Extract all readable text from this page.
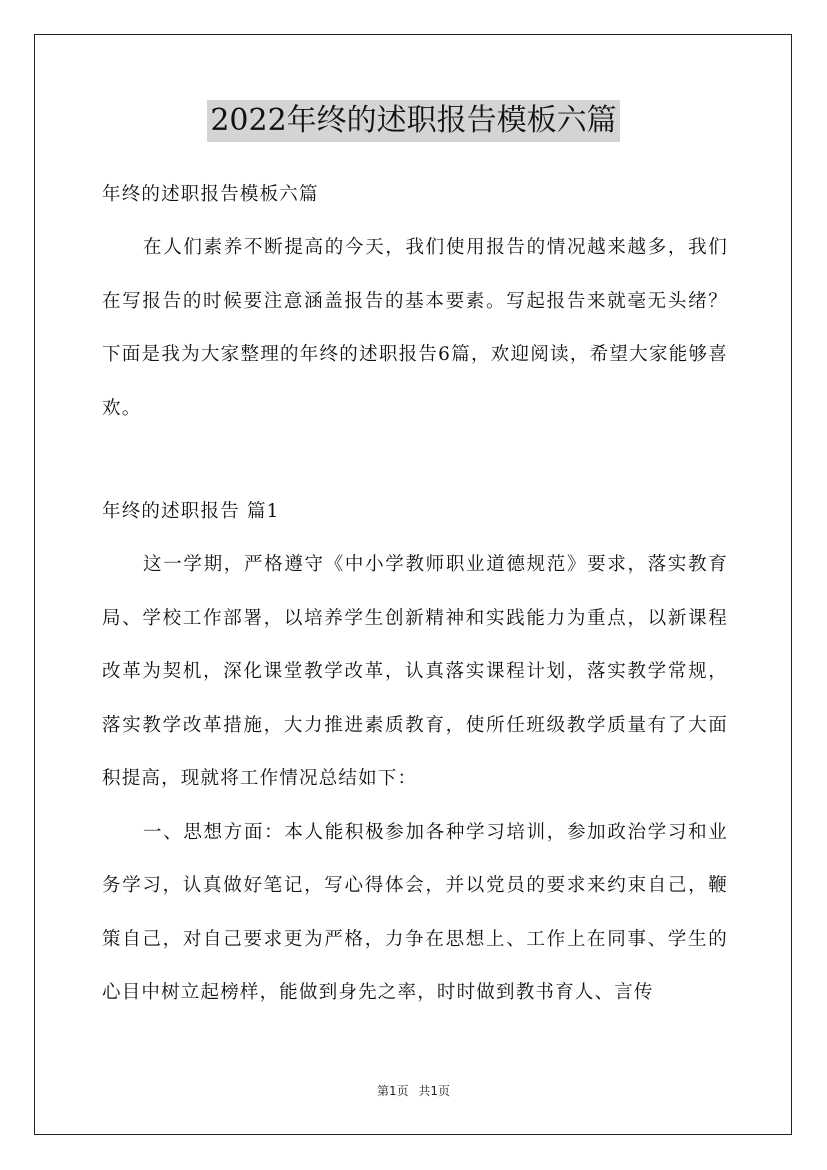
2022年终的述职报告模板六篇
年终的述职报告模板六篇

在人们素养不断提高的今天，我们使用报告的情况越来越多，我们在写报告的时候要注意涵盖报告的基本要素。写起报告来就毫无头绪？下面是我为大家整理的年终的述职报告6篇，欢迎阅读，希望大家能够喜欢。

年终的述职报告 篇1

这一学期，严格遵守《中小学教师职业道德规范》要求，落实教育局、学校工作部署，以培养学生创新精神和实践能力为重点，以新课程改革为契机，深化课堂教学改革，认真落实课程计划，落实教学常规，落实教学改革措施，大力推进素质教育，使所任班级教学质量有了大面积提高，现就将工作情况总结如下：

一、思想方面：本人能积极参加各种学习培训，参加政治学习和业务学习，认真做好笔记，写心得体会，并以党员的要求来约束自己，鞭策自己，对自己要求更为严格，力争在思想上、工作上在同事、学生的心目中树立起榜样，能做到身先之率，时时做到教书育人、言传

第1页 共1页
